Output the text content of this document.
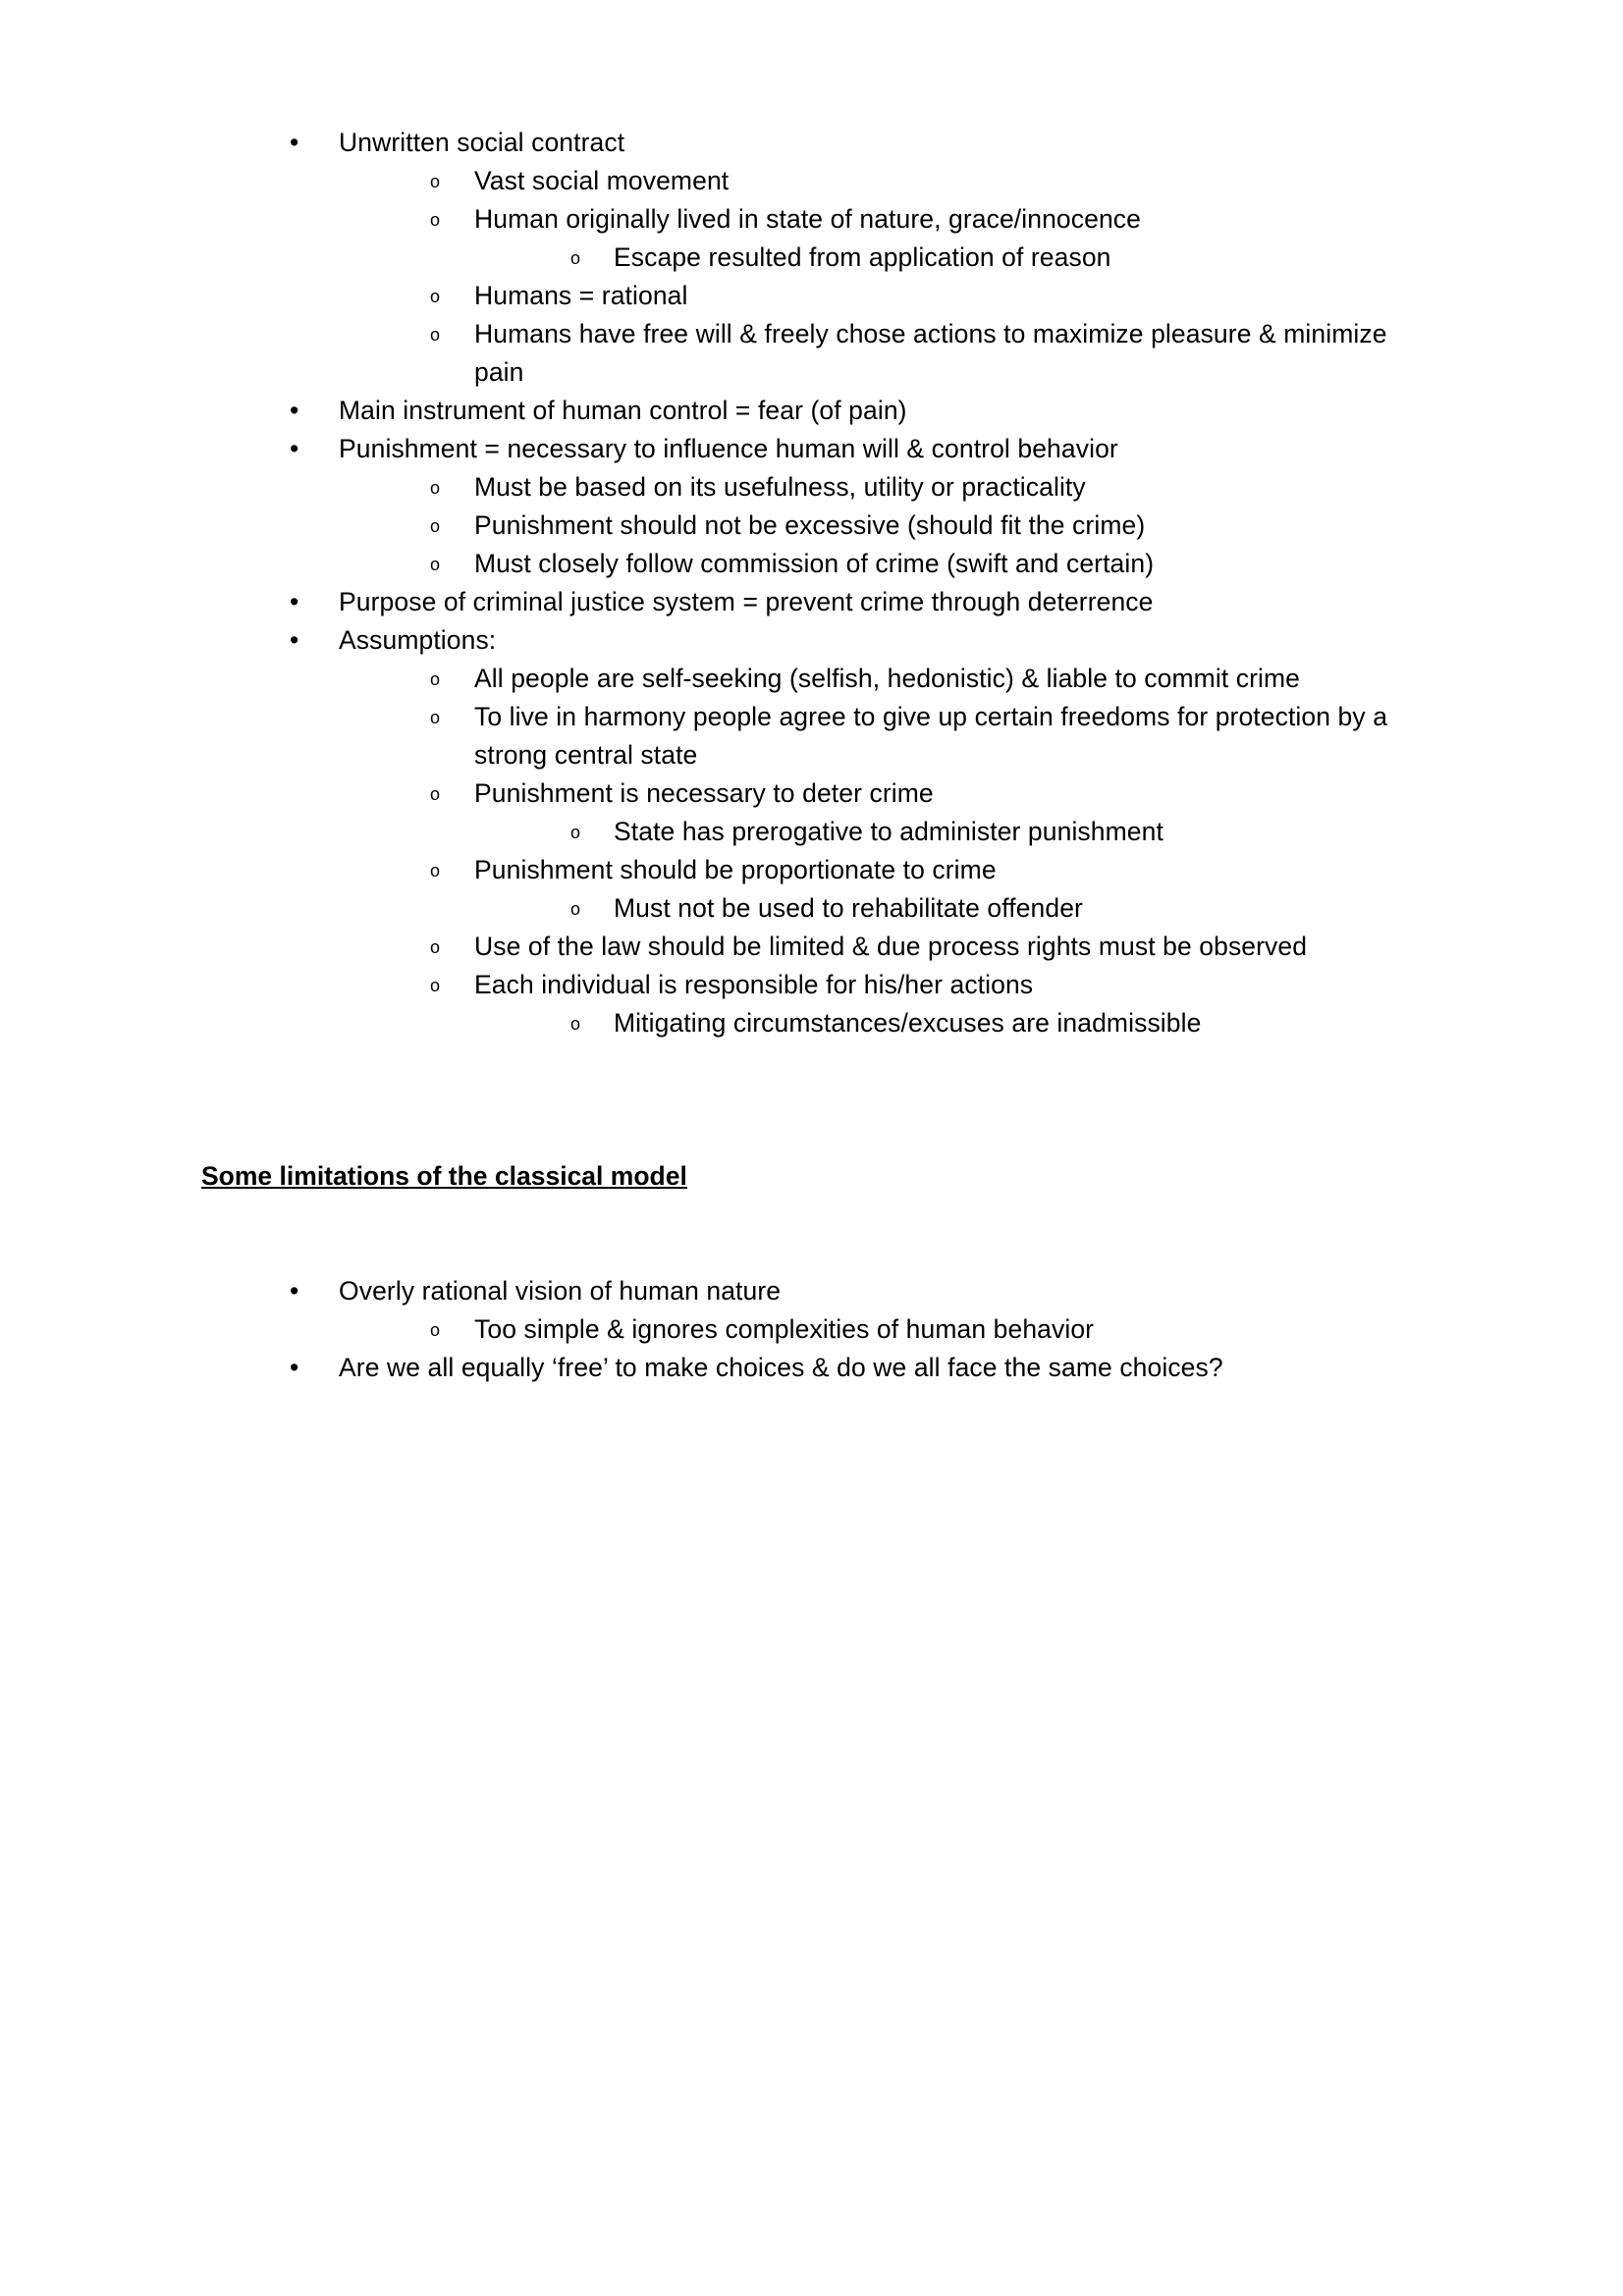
• Unwritten social contract
o Vast social movement
o Human originally lived in state of nature, grace/innocence
o Escape resulted from application of reason
o Humans = rational
o Humans have free will & freely chose actions to maximize pleasure & minimize pain
• Main instrument of human control = fear (of pain)
• Punishment = necessary to influence human will & control behavior
o Must be based on its usefulness, utility or practicality
o Punishment should not be excessive (should fit the crime)
o Must closely follow commission of crime (swift and certain)
• Purpose of criminal justice system = prevent crime through deterrence
• Assumptions:
o All people are self-seeking (selfish, hedonistic) & liable to commit crime
o To live in harmony people agree to give up certain freedoms for protection by a strong central state
o Punishment is necessary to deter crime
o State has prerogative to administer punishment
o Punishment should be proportionate to crime
o Must not be used to rehabilitate offender
o Use of the law should be limited & due process rights must be observed
o Each individual is responsible for his/her actions
o Mitigating circumstances/excuses are inadmissible
Some limitations of the classical model
• Overly rational vision of human nature
o Too simple & ignores complexities of human behavior
• Are we all equally ‘free’ to make choices & do we all face the same choices?
